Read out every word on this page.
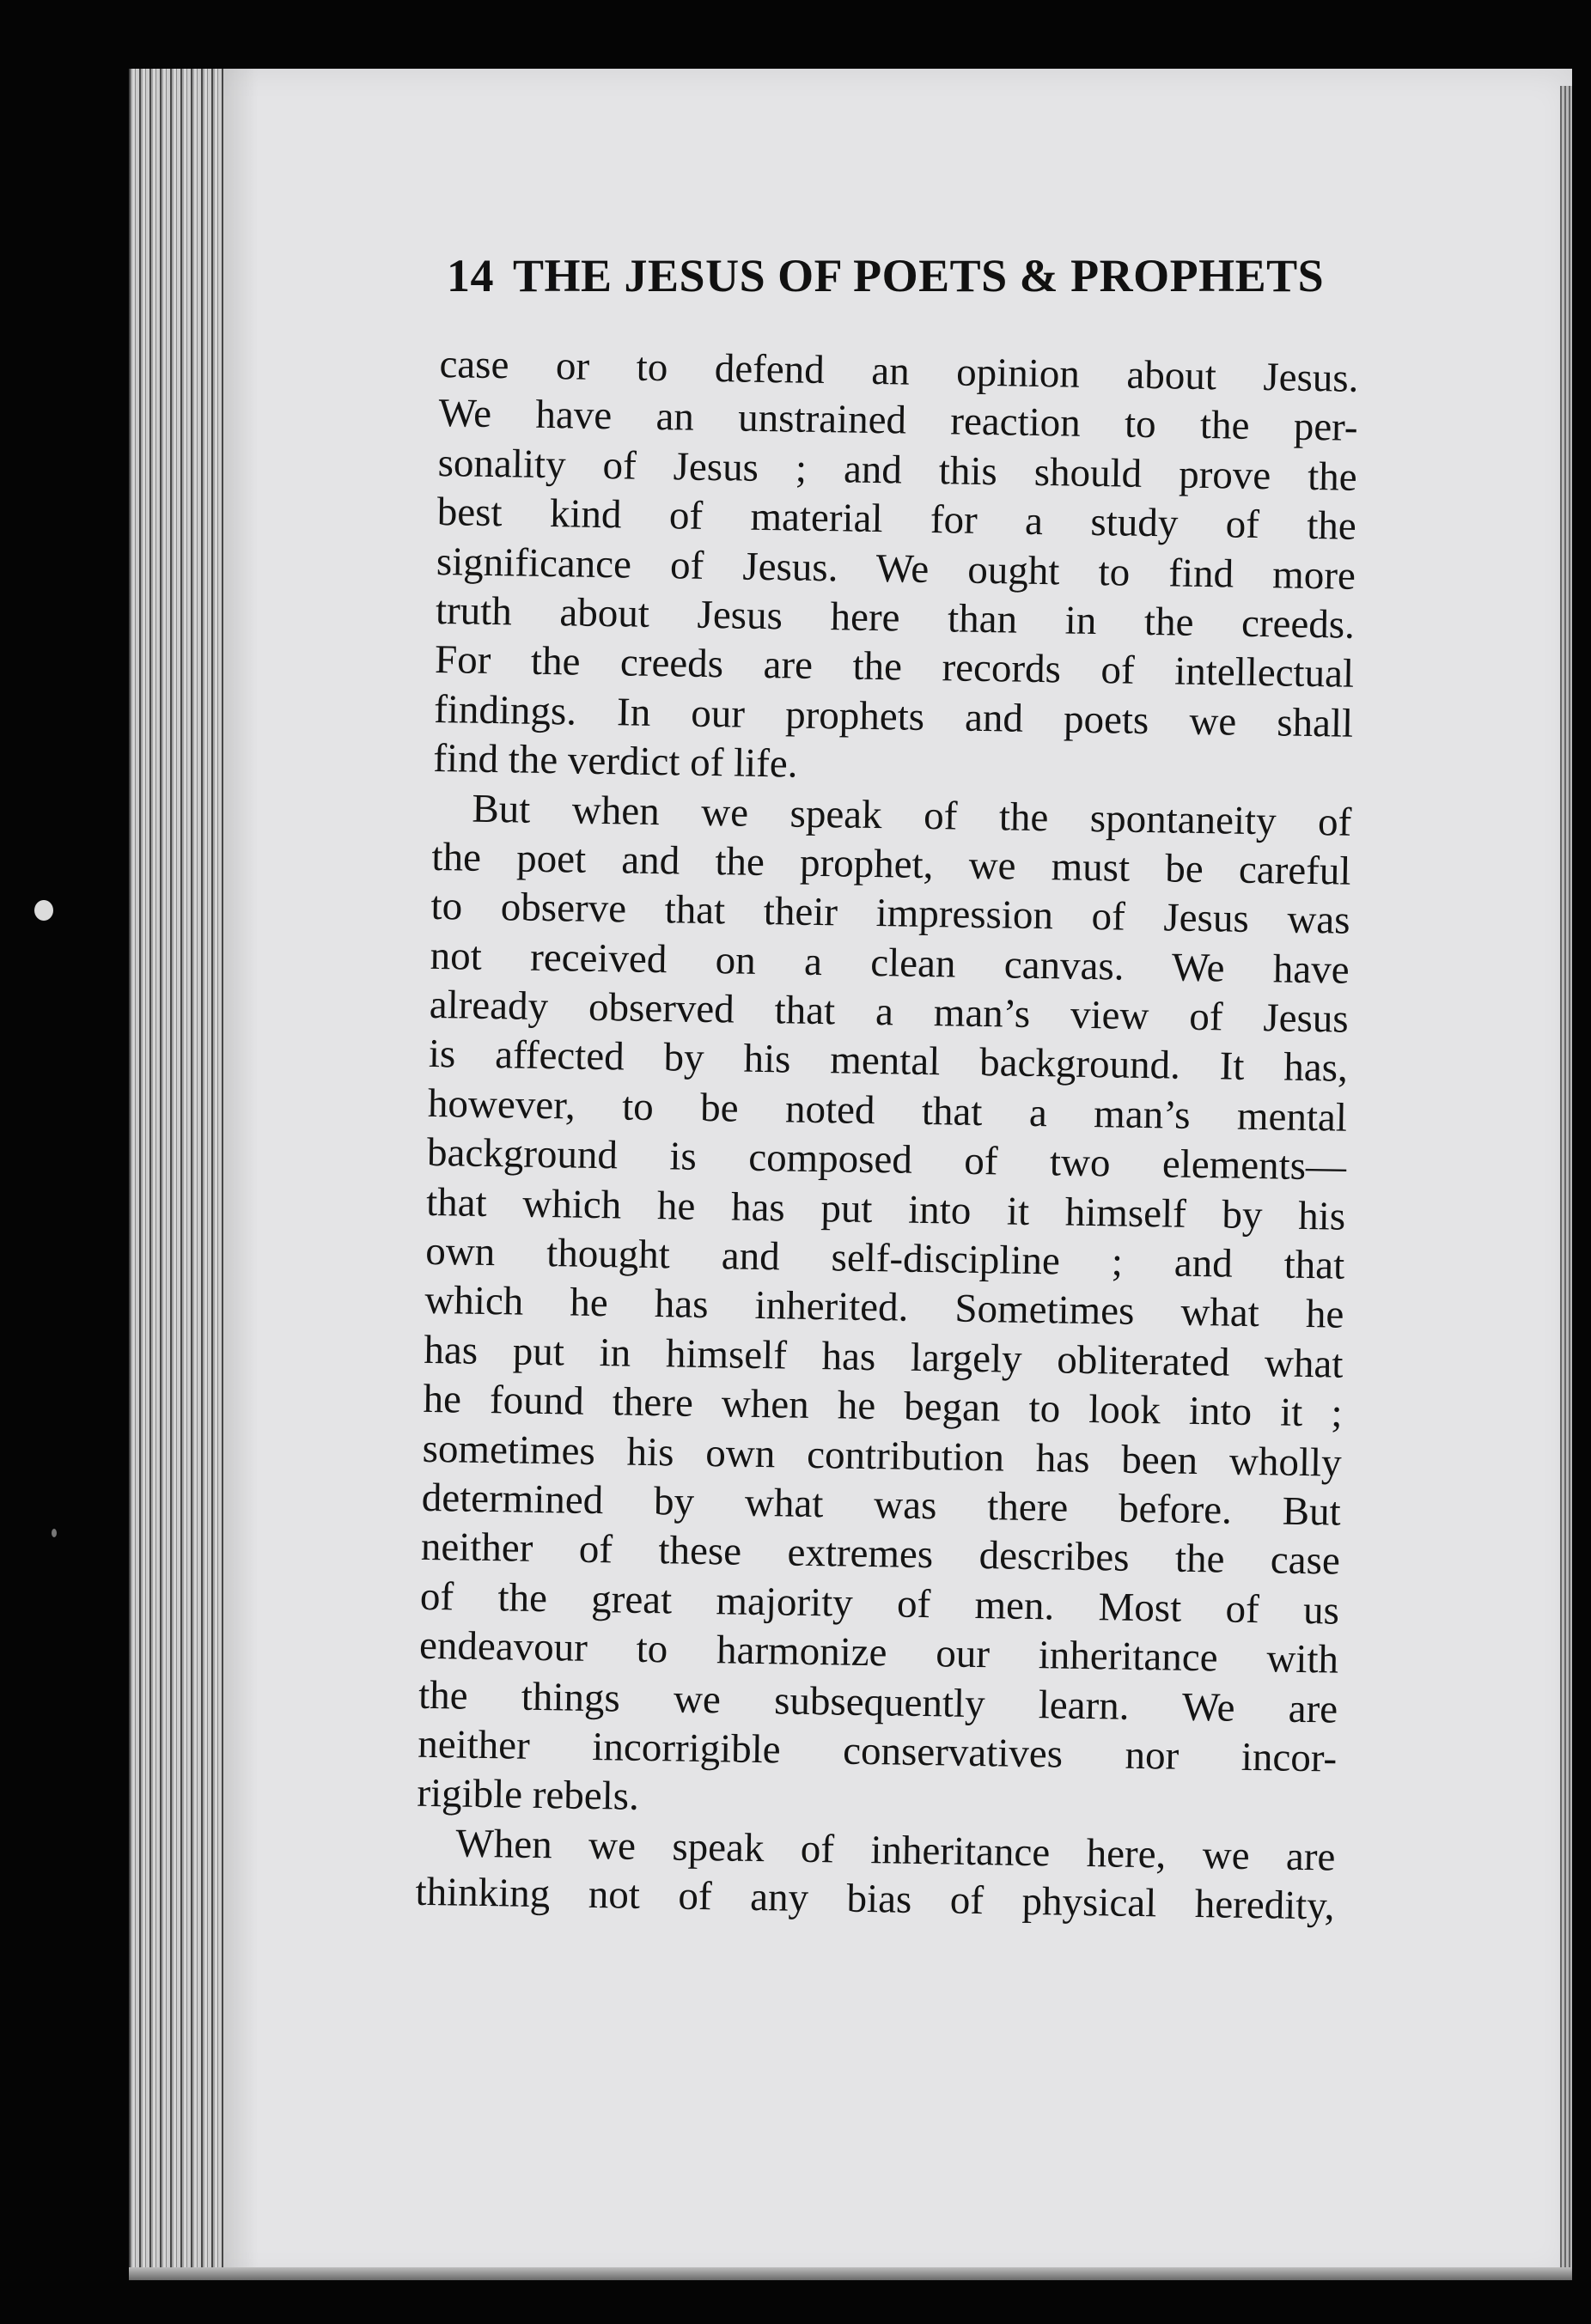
14 THE JESUS OF POETS & PROPHETS
case or to defend an opinion about Jesus.
We have an unstrained reaction to the per-
sonality of Jesus ; and this should prove the
best kind of material for a study of the
significance of Jesus. We ought to find more
truth about Jesus here than in the creeds.
For the creeds are the records of intellectual
findings. In our prophets and poets we shall
find the verdict of life.
But when we speak of the spontaneity of
the poet and the prophet, we must be careful
to observe that their impression of Jesus was
not received on a clean canvas. We have
already observed that a man’s view of Jesus
is affected by his mental background. It has,
however, to be noted that a man’s mental
background is composed of two elements—
that which he has put into it himself by his
own thought and self-discipline ; and that
which he has inherited. Sometimes what he
has put in himself has largely obliterated what
he found there when he began to look into it ;
sometimes his own contribution has been wholly
determined by what was there before. But
neither of these extremes describes the case
of the great majority of men. Most of us
endeavour to harmonize our inheritance with
the things we subsequently learn. We are
neither incorrigible conservatives nor incor-
rigible rebels.
When we speak of inheritance here, we are
thinking not of any bias of physical heredity,
